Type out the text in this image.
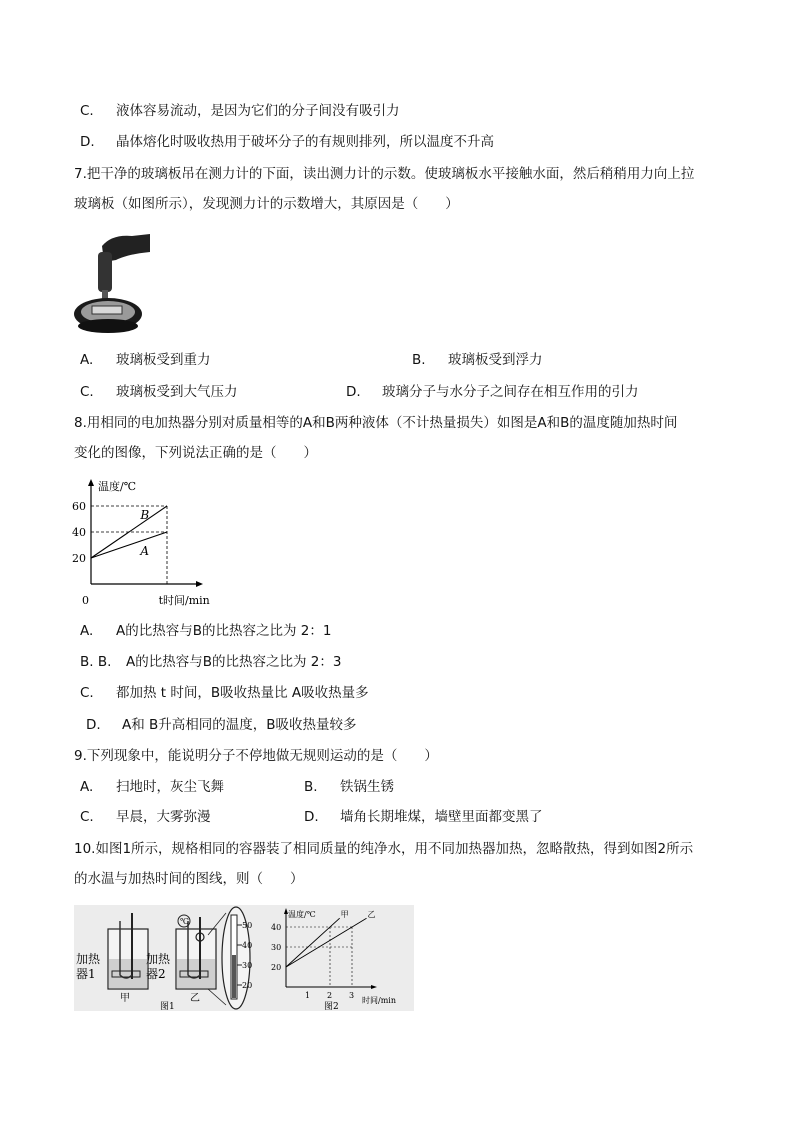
C. 液体容易流动，是因为它们的分子间没有吸引力
D. 晶体熔化时吸收热用于破坏分子的有规则排列，所以温度不升高
7.把干净的玻璃板吊在测力计的下面，读出测力计的示数。使玻璃板水平接触水面，然后稍稍用力向上拉
玻璃板（如图所示），发现测力计的示数增大，其原因是（　　）
A. 玻璃板受到重力	B. 玻璃板受到浮力
C. 玻璃板受到大气压力	D. 玻璃分子与水分子之间存在相互作用的引力
8.用相同的电加热器分别对质量相等的A和B两种液体（不计热量损失）如图是A和B的温度随加热时间
变化的图像，下列说法正确的是（　　）
温度/℃
时间/min
0	t
20
40
60
B
A
A. A的比热容与B的比热容之比为 2：1
B. B. A的比热容与B的比热容之比为 2：3
C. 都加热 t 时间，B吸收热量比 A吸收热量多
D. A和 B升高相同的温度，B吸收热量较多
9.下列现象中，能说明分子不停地做无规则运动的是（　　）
A. 扫地时，灰尘飞舞	B. 铁锅生锈
C. 早晨，大雾弥漫	D. 墙角长期堆煤，墙壁里面都变黑了
10.如图1所示，规格相同的容器装了相同质量的纯净水，用不同加热器加热，忽略散热，得到如图2所示
的水温与加热时间的图线，则（　　）
℃	50
40
30
20
加热
器1
加热
器2
甲	乙
图1
温度/℃
时间/min
图2
20
30
40
1 2 3
甲 乙
